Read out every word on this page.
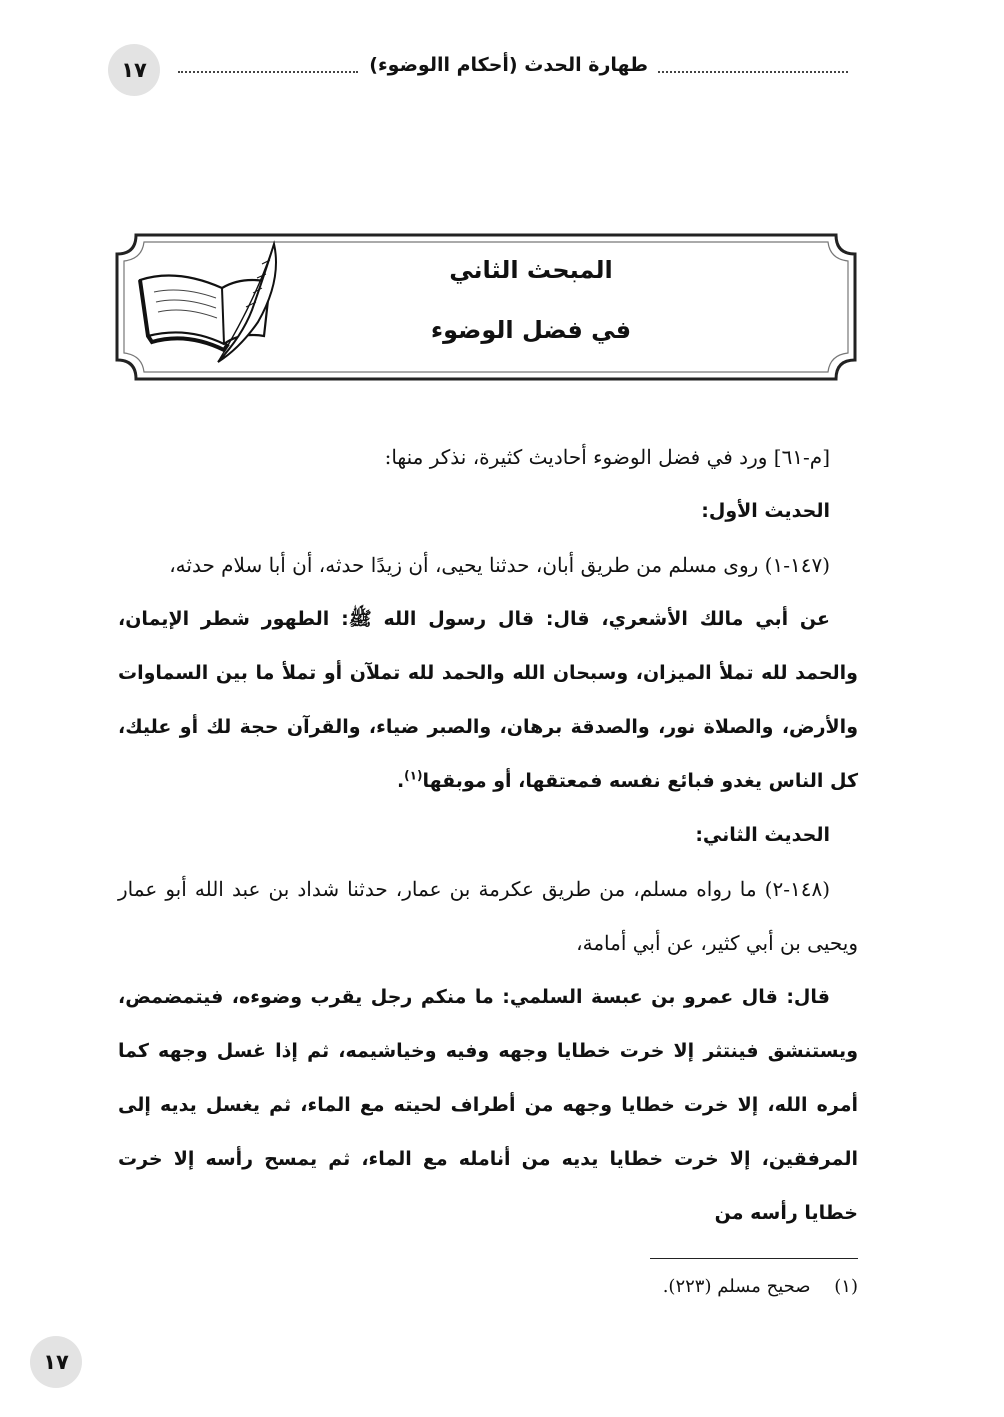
١٧	طهارة الحدث (أحكام االوضوء)
المبحث الثاني
في فضل الوضوء

[م-٦١] ورد في فضل الوضوء أحاديث كثيرة، نذكر منها:

الحديث الأول:

(١٤٧-١) روى مسلم من طريق أبان، حدثنا يحيى، أن زيدًا حدثه، أن أبا سلام حدثه،

عن أبي مالك الأشعري، قال: قال رسول الله ﷺ: الطهور شطر الإيمان، والحمد لله تملأ الميزان، وسبحان الله والحمد لله تملآن أو تملأ ما بين السماوات والأرض، والصلاة نور، والصدقة برهان، والصبر ضياء، والقرآن حجة لك أو عليك، كل الناس يغدو فبائع نفسه فمعتقها، أو موبقها$^{(١)}$.

الحديث الثاني:

(١٤٨-٢) ما رواه مسلم، من طريق عكرمة بن عمار، حدثنا شداد بن عبد الله أبو عمار ويحيى بن أبي كثير، عن أبي أمامة،

قال: قال عمرو بن عبسة السلمي: ما منكم رجل يقرب وضوءه، فيتمضمض، ويستنشق فينتثر إلا خرت خطايا وجهه وفيه وخياشيمه، ثم إذا غسل وجهه كما أمره الله، إلا خرت خطايا وجهه من أطراف لحيته مع الماء، ثم يغسل يديه إلى المرفقين، إلا خرت خطايا يديه من أنامله مع الماء، ثم يمسح رأسه إلا خرت خطايا رأسه من

(١) صحيح مسلم (٢٢٣).
١٧
